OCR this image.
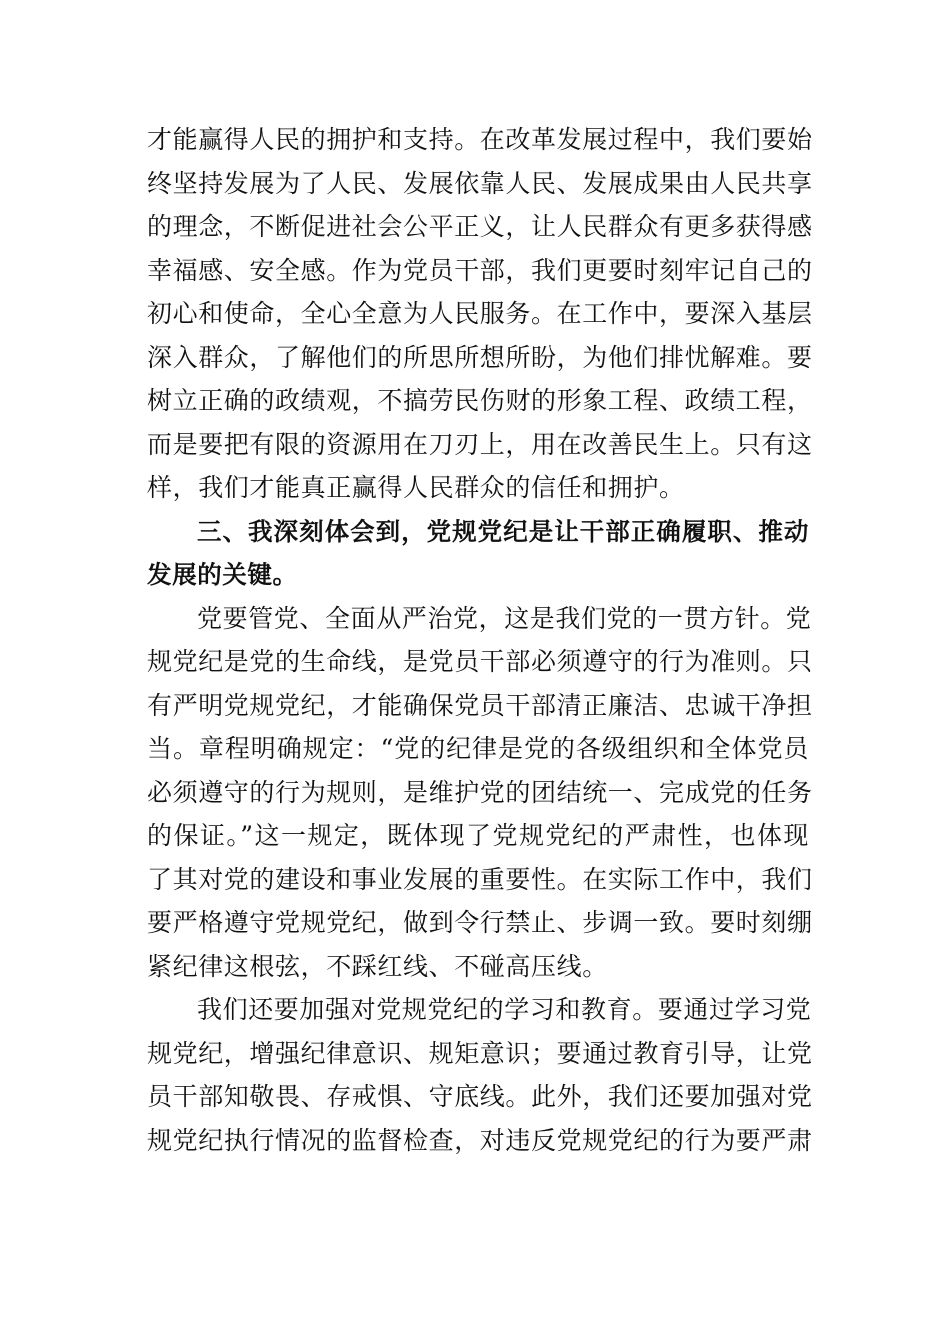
才能赢得人民的拥护和支持。在改革发展过程中，我们要始
终坚持发展为了人民、发展依靠人民、发展成果由人民共享
的理念，不断促进社会公平正义，让人民群众有更多获得感
幸福感、安全感。作为党员干部，我们更要时刻牢记自己的
初心和使命，全心全意为人民服务。在工作中，要深入基层
深入群众，了解他们的所思所想所盼，为他们排忧解难。要
树立正确的政绩观，不搞劳民伤财的形象工程、政绩工程，
而是要把有限的资源用在刀刃上，用在改善民生上。只有这
样，我们才能真正赢得人民群众的信任和拥护。
三、我深刻体会到，党规党纪是让干部正确履职、推动
发展的关键。
党要管党、全面从严治党，这是我们党的一贯方针。党
规党纪是党的生命线，是党员干部必须遵守的行为准则。只
有严明党规党纪，才能确保党员干部清正廉洁、忠诚干净担
当。章程明确规定：“党的纪律是党的各级组织和全体党员
必须遵守的行为规则，是维护党的团结统一、完成党的任务
的保证。”这一规定，既体现了党规党纪的严肃性，也体现
了其对党的建设和事业发展的重要性。在实际工作中，我们
要严格遵守党规党纪，做到令行禁止、步调一致。要时刻绷
紧纪律这根弦，不踩红线、不碰高压线。
我们还要加强对党规党纪的学习和教育。要通过学习党
规党纪，增强纪律意识、规矩意识；要通过教育引导，让党
员干部知敬畏、存戒惧、守底线。此外，我们还要加强对党
规党纪执行情况的监督检查，对违反党规党纪的行为要严肃
